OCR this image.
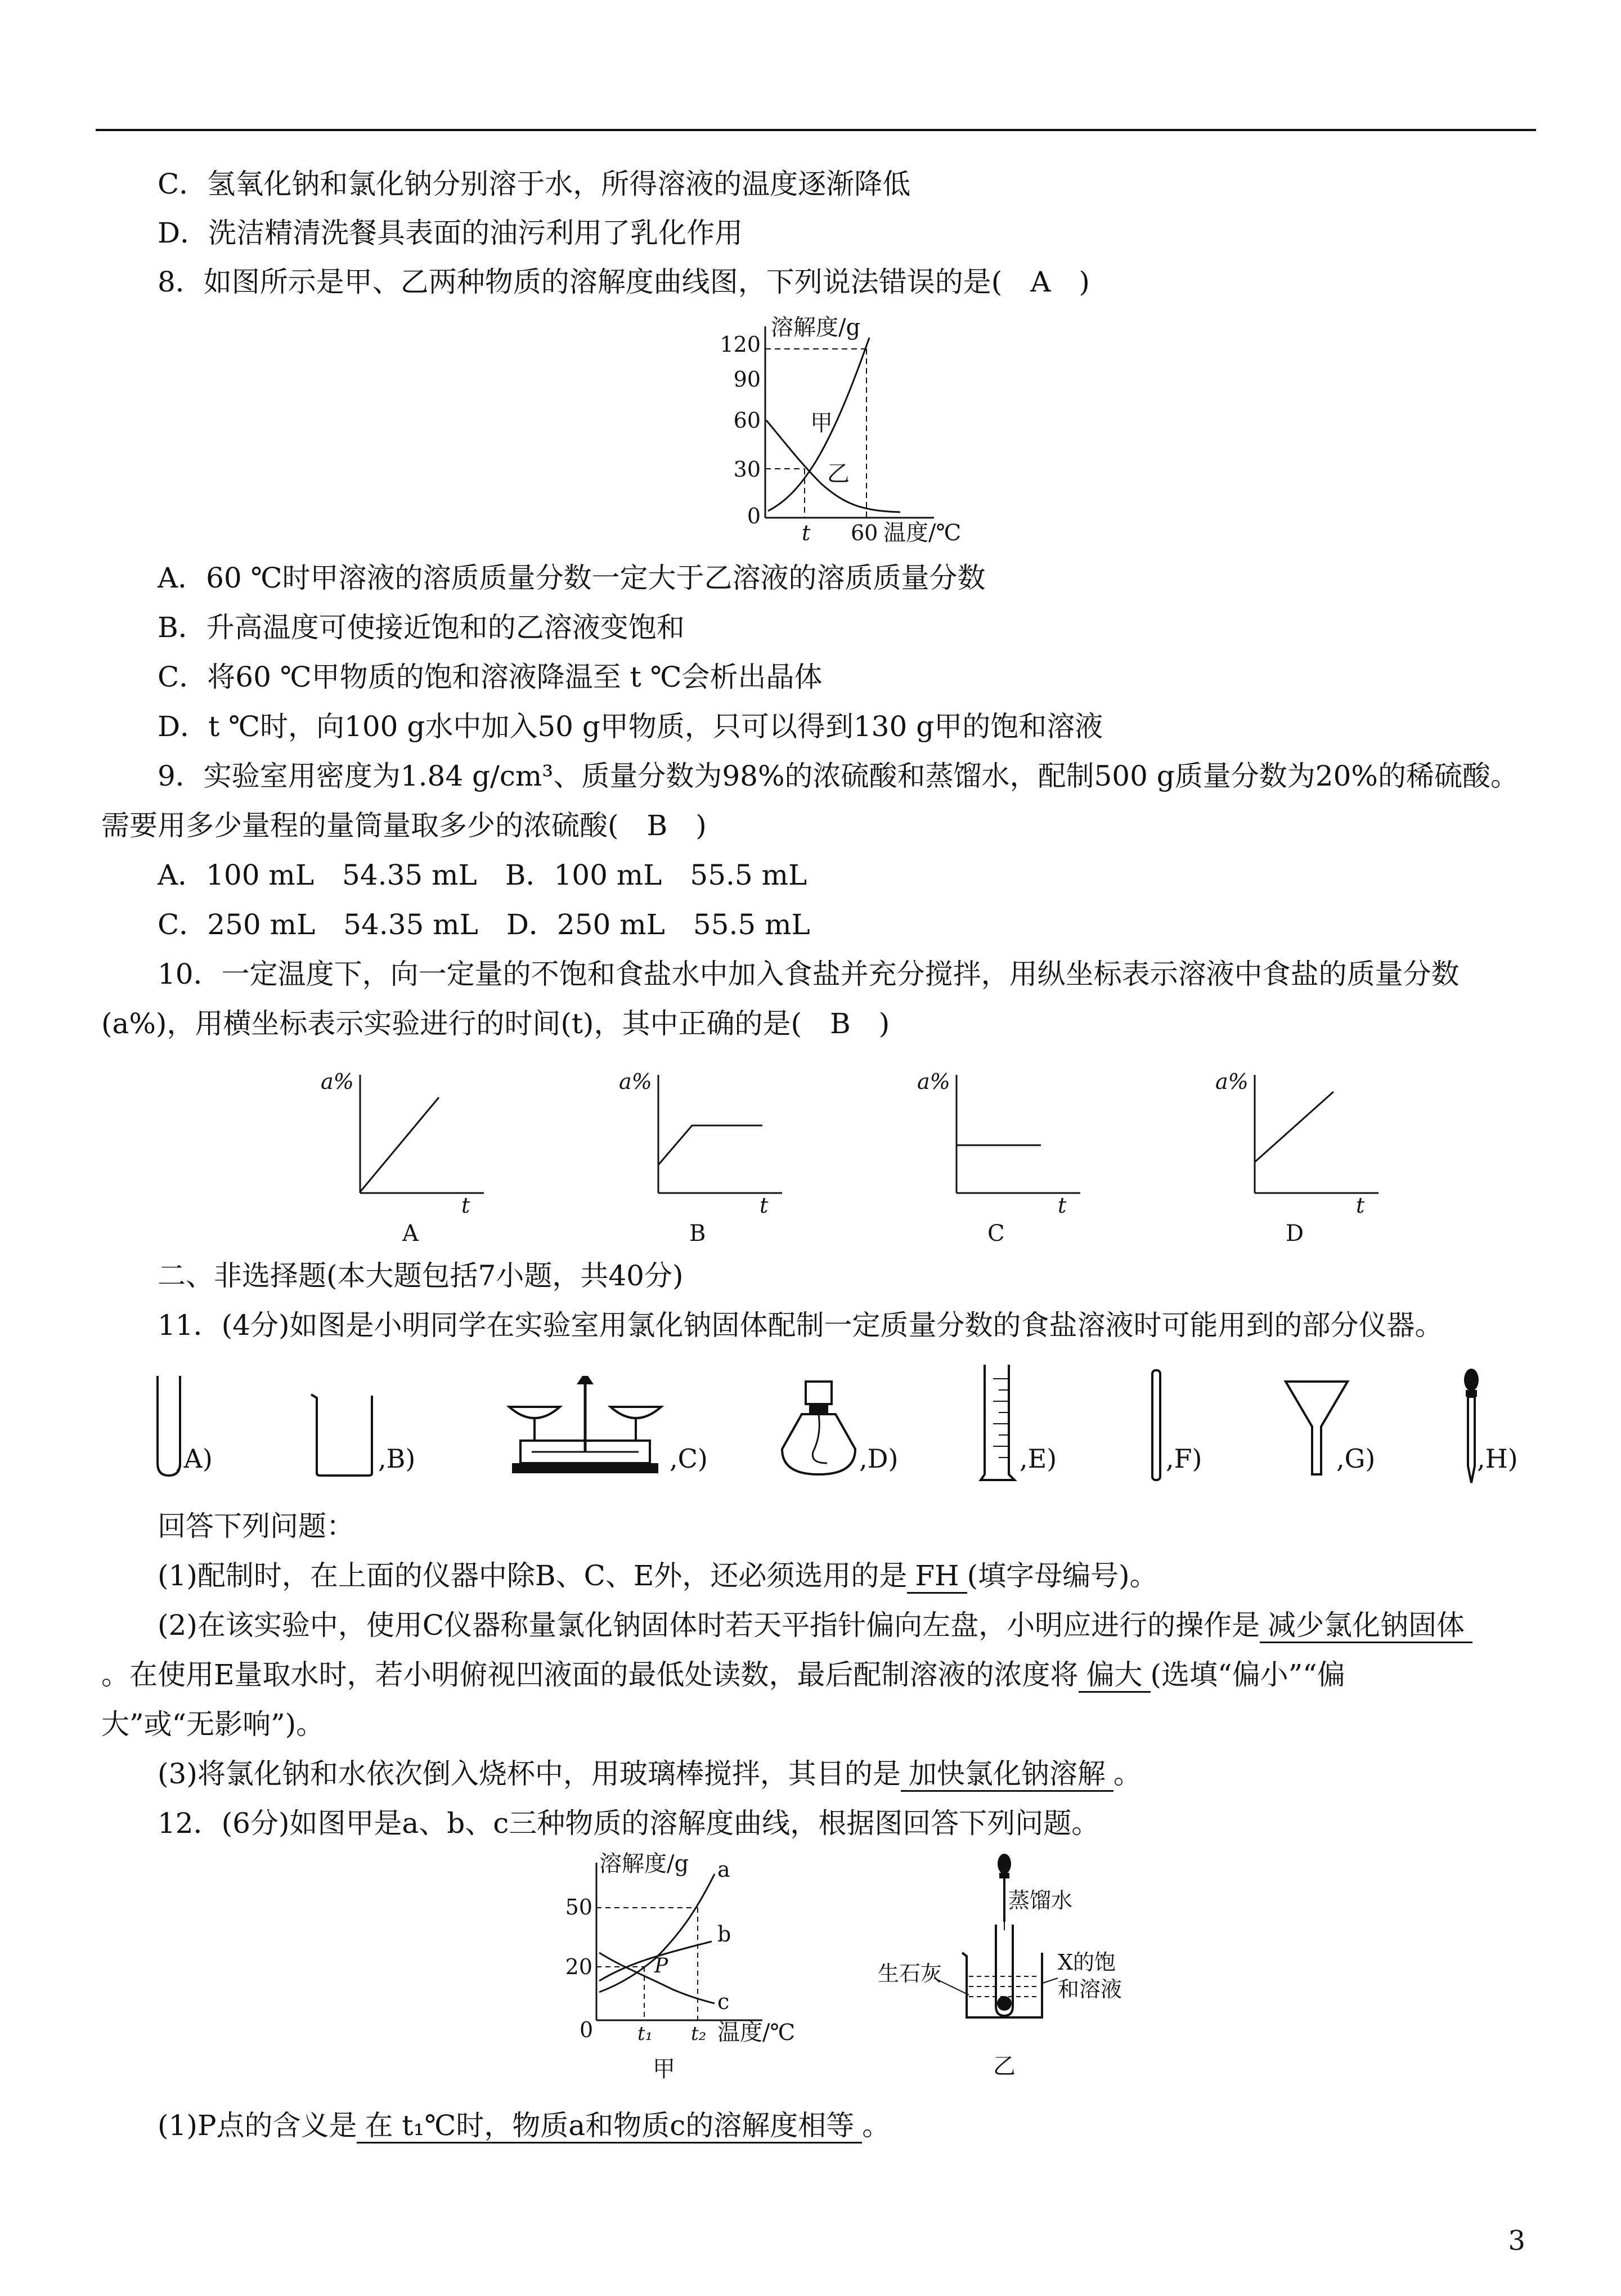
C．氢氧化钠和氯化钠分别溶于水，所得溶液的温度逐渐降低
D．洗洁精清洗餐具表面的油污利用了乳化作用
8．如图所示是甲、乙两种物质的溶解度曲线图，下列说法错误的是(　A　)
0
30
60
90
120
溶解度/g
t 60 温度/℃
甲
乙
A．60 ℃时甲溶液的溶质质量分数一定大于乙溶液的溶质质量分数
B．升高温度可使接近饱和的乙溶液变饱和
C．将60 ℃甲物质的饱和溶液降温至 t ℃会析出晶体
D．t ℃时，向100 g水中加入50 g甲物质，只可以得到130 g甲的饱和溶液
9．实验室用密度为1.84 g/cm³、质量分数为98%的浓硫酸和蒸馏水，配制500 g质量分数为20%的稀硫酸。
需要用多少量程的量筒量取多少的浓硫酸(　B　)
A．100 mL　54.35 mL　B．100 mL　55.5 mL
C．250 mL　54.35 mL　D．250 mL　55.5 mL
10．一定温度下，向一定量的不饱和食盐水中加入食盐并充分搅拌，用纵坐标表示溶液中食盐的质量分数
(a%)，用横坐标表示实验进行的时间(t)，其中正确的是(　B　)
a%
t
A
a%
t
B
a%
t
C
a%
t
D
二、非选择题(本大题包括7小题，共40分)
11．(4分)如图是小明同学在实验室用氯化钠固体配制一定质量分数的食盐溶液时可能用到的部分仪器。
,A)	,B)	,C)	,D)	,E)	,F)	,G)	,H)
回答下列问题：
(1)配制时，在上面的仪器中除B、C、E外，还必须选用的是 FH (填字母编号)。
(2)在该实验中，使用C仪器称量氯化钠固体时若天平指针偏向左盘，小明应进行的操作是 减少氯化钠固体
。在使用E量取水时，若小明俯视凹液面的最低处读数，最后配制溶液的浓度将 偏大 (选填“偏小”“偏
大”或“无影响”)。
(3)将氯化钠和水依次倒入烧杯中，用玻璃棒搅拌，其目的是 加快氯化钠溶解 。
12．(6分)如图甲是a、b、c三种物质的溶解度曲线，根据图回答下列问题。
50
20
0
溶解度/g
t₁ t₂ 温度/℃
a
b
c
P
甲
蒸馏水
生石灰	X的饱
和溶液
乙
(1)P点的含义是 在 t₁℃时，物质a和物质c的溶解度相等 。
3
